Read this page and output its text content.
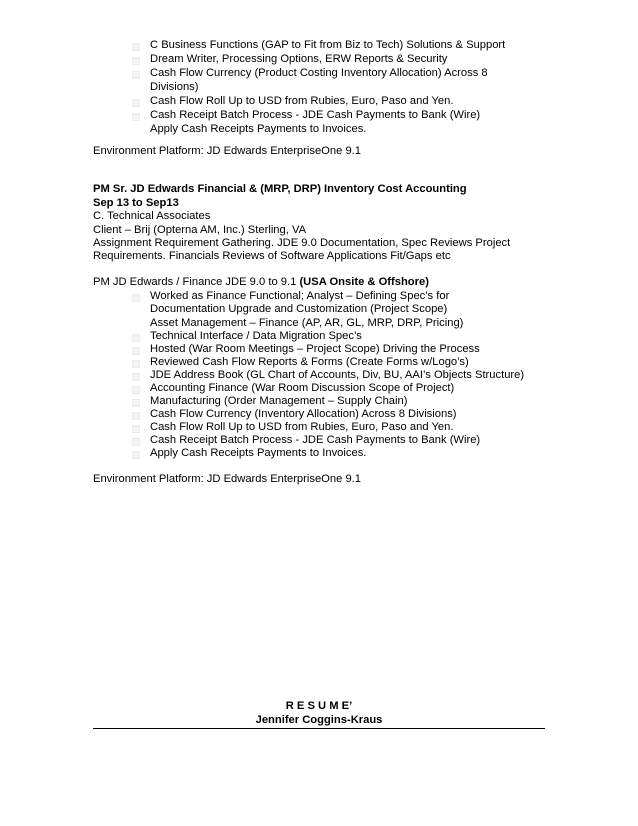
C Business Functions (GAP to Fit from Biz to Tech) Solutions & Support
Dream Writer, Processing Options, ERW Reports & Security
Cash Flow Currency (Product Costing Inventory Allocation) Across 8
Divisions)
Cash Flow Roll Up to USD from Rubies, Euro, Paso and Yen.
Cash Receipt Batch Process - JDE Cash Payments to Bank (Wire)
Apply Cash Receipts Payments to Invoices.
Environment Platform: JD Edwards EnterpriseOne 9.1
PM Sr. JD Edwards Financial & (MRP, DRP) Inventory Cost Accounting
Sep 13 to Sep13
C. Technical Associates
Client – Brij (Opterna AM, Inc.) Sterling, VA
Assignment Requirement Gathering. JDE 9.0 Documentation, Spec Reviews Project
Requirements. Financials Reviews of Software Applications Fit/Gaps etc
PM JD Edwards / Finance JDE 9.0 to 9.1 (USA Onsite & Offshore)
Worked as Finance Functional; Analyst – Defining Spec’s for
Documentation Upgrade and Customization (Project Scope)
Asset Management – Finance (AP, AR, GL, MRP, DRP, Pricing)
Technical Interface / Data Migration Spec’s
Hosted (War Room Meetings – Project Scope) Driving the Process
Reviewed Cash Flow Reports & Forms (Create Forms w/Logo’s)
JDE Address Book (GL Chart of Accounts, Div, BU, AAI’s Objects Structure)
Accounting Finance (War Room Discussion Scope of Project)
Manufacturing (Order Management – Supply Chain)
Cash Flow Currency (Inventory Allocation) Across 8 Divisions)
Cash Flow Roll Up to USD from Rubies, Euro, Paso and Yen.
Cash Receipt Batch Process - JDE Cash Payments to Bank (Wire)
Apply Cash Receipts Payments to Invoices.
Environment Platform: JD Edwards EnterpriseOne 9.1
R E S U M E’
Jennifer Coggins-Kraus
